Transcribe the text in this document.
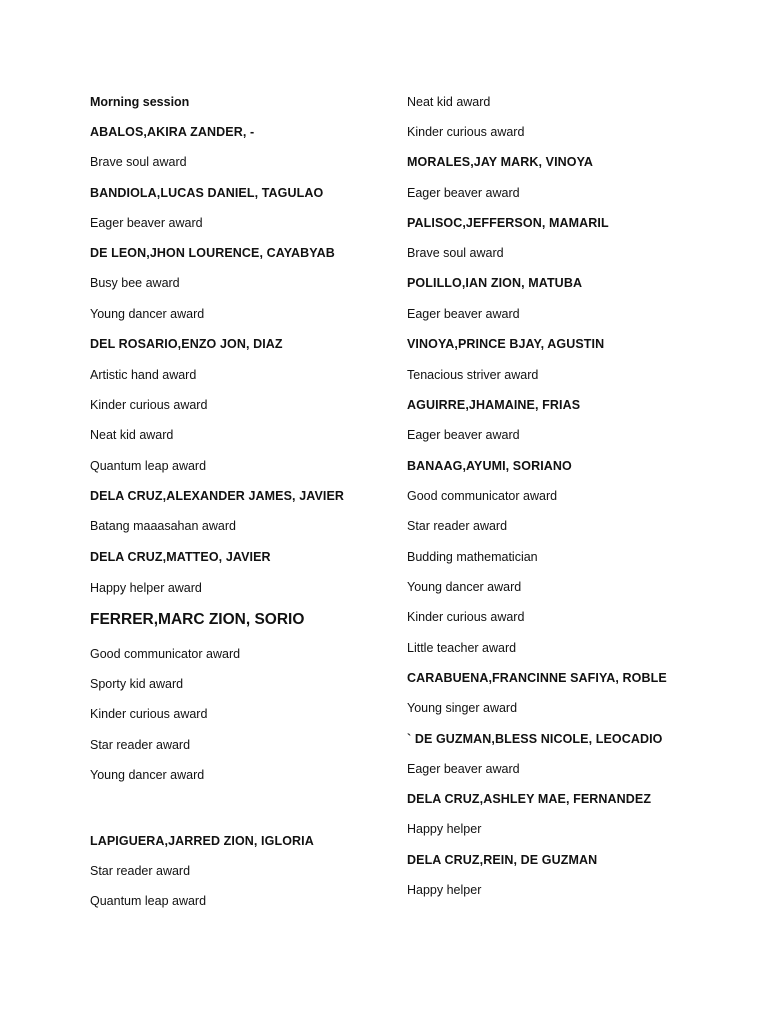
Morning session
ABALOS,AKIRA ZANDER, -
Brave soul award
BANDIOLA,LUCAS DANIEL, TAGULAO
Eager beaver award
DE LEON,JHON LOURENCE, CAYABYAB
Busy bee award
Young dancer award
DEL ROSARIO,ENZO JON, DIAZ
Artistic hand award
Kinder curious award
Neat kid award
Quantum leap award
DELA CRUZ,ALEXANDER JAMES, JAVIER
Batang maaasahan award
DELA CRUZ,MATTEO, JAVIER
Happy helper award
FERRER,MARC ZION, SORIO
Good communicator award
Sporty kid award
Kinder curious award
Star reader award
Young dancer award
LAPIGUERA,JARRED ZION, IGLORIA
Star reader award
Quantum leap award
Neat kid award
Kinder curious award
MORALES,JAY MARK, VINOYA
Eager beaver award
PALISOC,JEFFERSON, MAMARIL
Brave soul award
POLILLO,IAN ZION, MATUBA
Eager beaver award
VINOYA,PRINCE BJAY, AGUSTIN
Tenacious striver award
AGUIRRE,JHAMAINE, FRIAS
Eager beaver award
BANAAG,AYUMI, SORIANO
Good communicator award
Star reader award
Budding mathematician
Young dancer award
Kinder curious award
Little teacher award
CARABUENA,FRANCINNE SAFIYA, ROBLE
Young singer award
` DE GUZMAN,BLESS NICOLE, LEOCADIO
Eager beaver award
DELA CRUZ,ASHLEY MAE, FERNANDEZ
Happy helper
DELA CRUZ,REIN, DE GUZMAN
Happy helper
